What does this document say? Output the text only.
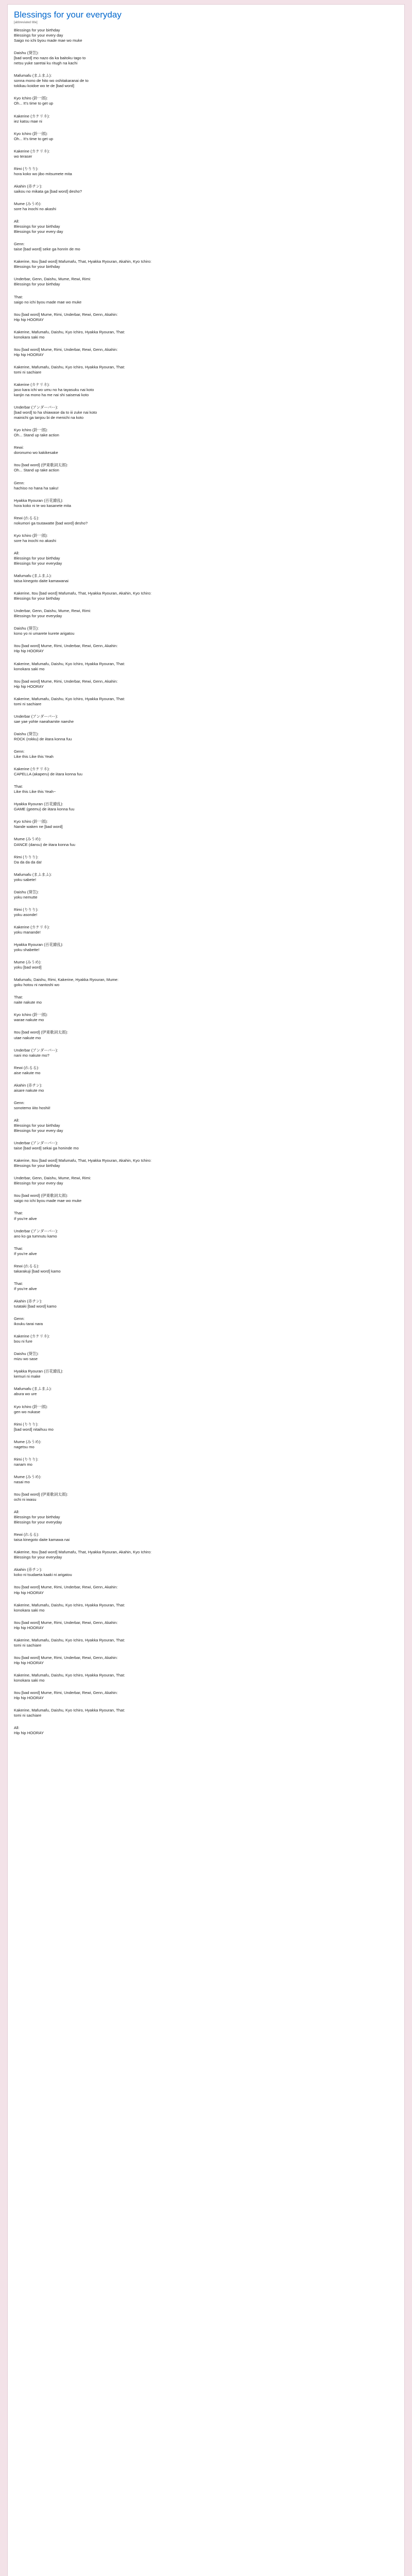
Blessings for your everyday
[abbreviated title]
Blessings for your birthday
Blessings for your every day
Saigo no ichi byou made mae wo muke
Daishu (葵笠):
[bad word] mo nazo da ka baitoku tago to
netsu yuke saretai ku ritugh na kachi
Mafumafu (まふまふ):
sonna mono de hito wo oshitakaranai de to
tokikau koidoe wo te de [bad word]
Kyo Ichiro (鈴一郎):
Oh... It's time to get up
Kakerine (カケリネ):
iez katsu mae ni
Kyo Ichiro (鈴一郎):
Oh... It's time to get up
Kakerine (カケリネ):
wo teraser
Rimi (りりり):
hora koko wo jibo mitsumete mita
Akahin (赤チン):
saikou no mikata ga [bad word] desho?
Mume (みうめ):
sore ha inochi no akashi
All:
Blessings for your birthday
Blessings for your every day
Genn:
taise [bad word] seke ga honrin de mo
Kakerine, Itou [bad word] Mafumafu, That, Hyakka Ryouran, Akahin, Kyo Ichiro:
Blessings for your birthday
Underbar, Genn, Daishu, Mume, Rewi, Rimi:
Blessings for your birthday
That:
saigo no ichi byou made mae wo muke
Itou [bad word] Mume, Rimi, Underbar, Rewi, Genn, Akahin:
Hip hip HOORAY
Kakerine, Mafumafu, Daishu, Kyo Ichiro, Hyakka Ryouran, That:
konokara saki mo
Itou [bad word] Mume, Rimi, Underbar, Rewi, Genn, Akahin:
Hip hip HOORAY
Kakerine, Mafumafu, Daishu, Kyo Ichiro, Hyakka Ryouran, That:
tomi ni sachiare
Kakerine (カケリネ):
jaso kara ichi wo umu no ha tayasuku nai koto
kanjin na mono ha me nai shi saisenai koto
Underbar (アンダーバー):
[bad word] to ha shiawase da to iii zuke nai koto
mainichi ga tanjou bi de menichi na koto
Kyo Ichiro (鈴一郎):
Oh... Stand up take action
Rewi:
doronumo wo kakikesake
Itou [bad word] (伊東歌詞太郎):
Oh... Stand up take action
Genn:
hachiso no hana ha saku!
Hyakka Ryouran (百花繚乱):
hora koko ni te wo kasanete mita
Rewi (れるる):
nokumori ga tsutawatte [bad word] desho?
Kyo Ichiro (鈴一郎):
sore ha inochi no akashi
All:
Blessings for your birthday
Blessings for your everyday
Mafumafu (まふまふ):
taisa kinegoto daite kamawanai
Kakerine, Itou [bad word] Mafumafu, That, Hyakka Ryouran, Akahin, Kyo Ichiro:
Blessings for your birthday
Underbar, Genn, Daishu, Mume, Rewi, Rimi:
Blessings for your everyday
Daishu (葵笠):
kono yo ni umarete kurete arigatou
Itou [bad word] Mume, Rimi, Underbar, Rewi, Genn, Akahin:
Hip hip HOORAY
Kakerine, Mafumafu, Daishu, Kyo Ichiro, Hyakka Ryouran, That:
konokara saki mo
Itou [bad word] Mume, Rimi, Underbar, Rewi, Genn, Akahin:
Hip hip HOORAY
Kakerine, Mafumafu, Daishu, Kyo Ichiro, Hyakka Ryouran, That:
tomi ni sachiare
Underbar (アンダーバー):
sae yae yohte naeahamite naeshe
Daishu (葵笠):
ROCK (rokku) de iitara konna fuu
Genn:
Like this Like this Yeah
Kakerine (カケリネ):
CAPELLA (akaperu) de iitara konna fuu
That:
Like this Like this Yeah~
Hyakka Ryouran (百花繚乱):
GAME (geemu) de iitara konna fuu
Kyo Ichiro (鈴一郎):
Nande waken ne [bad word]
Mume (みうめ):
DANCE (dansu) de iitara konna fuu
Rimi (りりり):
Da da da da da!
Mafumafu (まふまふ):
yoku sabete!
Daishu (葵笠):
yoku nemutte
Rimi (りりり):
yoku asonde!
Kakerine (カケリネ):
yoku manande!
Hyakka Ryouran (百花繚乱):
yoku shabette!
Mume (みうめ):
yoku [bad word]
Mafumafu, Daishu, Rimi, Kakerine, Hyakka Ryouran, Mume:
goku hotou ni nantoshi wo
That:
naite nakute mo
Kyo Ichiro (鈴一郎):
warae nakute mo
Itou [bad word] (伊東歌詞太郎):
utae nakute mo
Underbar (アンダーバー):
nani mo nakute mo?
Rewi (れるる):
aise nakute mo
Akahin (赤チン):
aisare nakute mo
Genn:
sonotemo iiito hoshii!
All:
Blessings for your birthday
Blessings for your every day
Underbar (アンダーバー):
taise [bad word] sekai ga honinde mo
Kakerine, Itou [bad word] Mafumafu, That, Hyakka Ryouran, Akahin, Kyo Ichiro:
Blessings for your birthday
Underbar, Genn, Daishu, Mume, Rewi, Rimi:
Blessings for your every day
Itou [bad word] (伊東歌詞太郎):
saigo no ichi byou made mae wo muke
That:
If you're alive
Underbar (アンダーバー):
ano ko ga tumnutu kamo
That:
If you're alive
Rewi (れるる):
takarakuji [bad word] kamo
That:
If you're alive
Akahin (赤チン):
tutataki [bad word] kamo
Genn:
ikouku tarai nara
Kakerine (カケリネ):
bou ni fure
Daishu (葵笠):
mizu wo sase
Hyakka Ryouran (百花繚乱):
kemuri ni make
Mafumafu (まふまふ):
abura wo ure
Kyo Ichiro (鈴一郎):
gen wo nukase
Rimi (りりり):
[bad word] nitaihuu mo
Mume (みうめ):
nagetsu mo
Rimi (りりり):
nanam mo
Mume (みうめ):
nasai mo
Itou [bad word] (伊東歌詞太郎):
ochi ni iwasu
All:
Blessings for your birthday
Blessings for your everyday
Rewi (れるる):
taisa kinegoto daite kamawa nai
Kakerine, Itou [bad word] Mafumafu, That, Hyakka Ryouran, Akahin, Kyo Ichiro:
Blessings for your everyday
Akahin (赤チン):
koko ni tsudaeta kaaki ni arigatou
Itou [bad word] Mume, Rimi, Underbar, Rewi, Genn, Akahin:
Hip hip HOORAY
Kakerine, Mafumafu, Daishu, Kyo Ichiro, Hyakka Ryouran, That:
konokara saki mo
Itou [bad word] Mume, Rimi, Underbar, Rewi, Genn, Akahin:
Hip hip HOORAY
Kakerine, Mafumafu, Daishu, Kyo Ichiro, Hyakka Ryouran, That:
tomi ni sachiare
Itou [bad word] Mume, Rimi, Underbar, Rewi, Genn, Akahin:
Hip hip HOORAY
Kakerine, Mafumafu, Daishu, Kyo Ichiro, Hyakka Ryouran, That:
konokara saki mo
Itou [bad word] Mume, Rimi, Underbar, Rewi, Genn, Akahin:
Hip hip HOORAY
Kakerine, Mafumafu, Daishu, Kyo Ichiro, Hyakka Ryouran, That:
tomi ni sachiare
All:
Hip hip HOORAY
